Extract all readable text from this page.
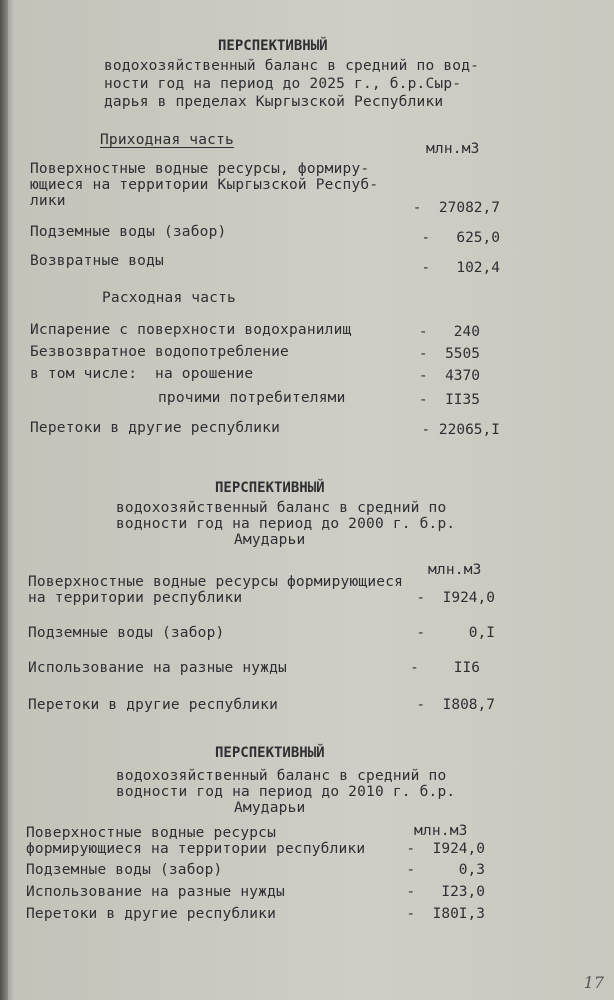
ПЕРСПЕКТИВНЫЙ
водохозяйственный баланс в средний по вод-
ности год на период до 2025 г., б.р.Сыр-
дарья в пределах Кыргызской Республики
Приходная часть
млн.м3
Поверхностные водные ресурсы, формиру-
ющиеся на территории Кыргызской Респуб-
лики	-  27082,7
Подземные воды (забор)	-   625,0
Возвратные воды	-   102,4
Расходная часть
Испарение с поверхности водохранилищ	-   240
Безвозвратное водопотребление	-  5505
в том числе:  на орошение	-  4370
прочими потребителями	-  II35
Перетоки в другие республики	- 22065,I
ПЕРСПЕКТИВНЫЙ
водохозяйственный баланс в средний по
водности год на период до 2000 г. б.р.
Амударьи
млн.м3
Поверхностные водные ресурсы формирующиеся
на территории республики	-  I924,0
Подземные воды (забор)	-     0,I
Использование на разные нужды	-    II6
Перетоки в другие республики	-  I808,7
ПЕРСПЕКТИВНЫЙ
водохозяйственный баланс в средний по
водности год на период до 2010 г. б.р.
Амударьи
млн.м3
Поверхностные водные ресурсы
формирующиеся на территории республики	-  I924,0
Подземные воды (забор)	-     0,3
Использование на разные нужды	-   I23,0
Перетоки в другие республики	-  I80I,3
17
